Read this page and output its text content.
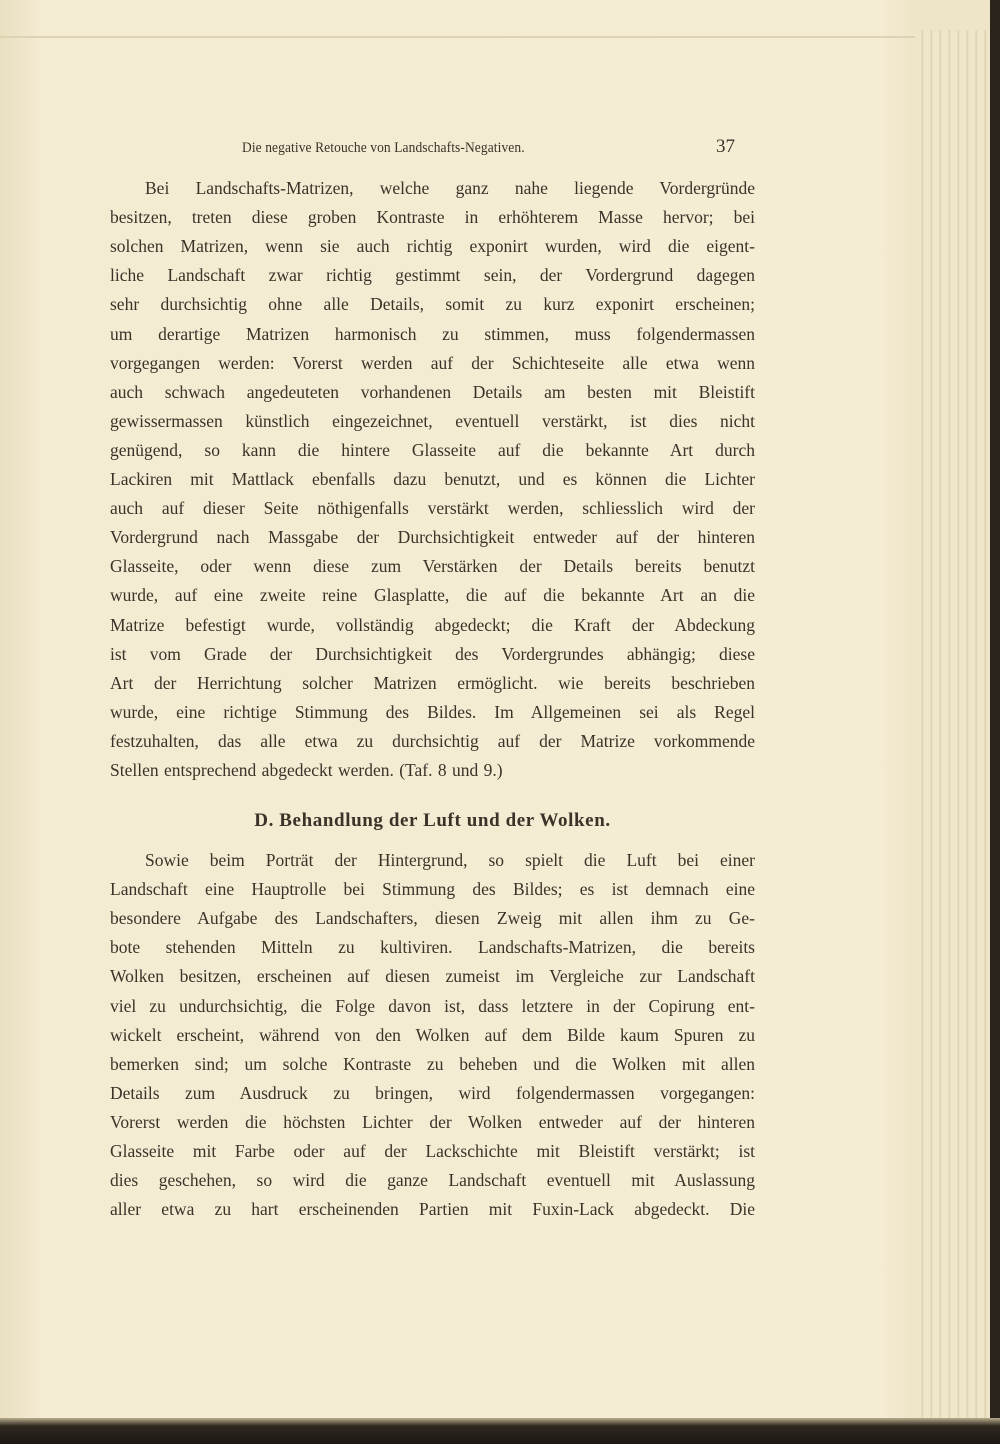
Die negative Retouche von Landschafts-Negativen.	37
Bei Landschafts-Matrizen, welche ganz nahe liegende Vordergründe
besitzen, treten diese groben Kontraste in erhöhterem Masse hervor; bei
solchen Matrizen, wenn sie auch richtig exponirt wurden, wird die eigent-
liche Landschaft zwar richtig gestimmt sein, der Vordergrund dagegen
sehr durchsichtig ohne alle Details, somit zu kurz exponirt erscheinen;
um derartige Matrizen harmonisch zu stimmen, muss folgendermassen
vorgegangen werden: Vorerst werden auf der Schichteseite alle etwa wenn
auch schwach angedeuteten vorhandenen Details am besten mit Bleistift
gewissermassen künstlich eingezeichnet, eventuell verstärkt, ist dies nicht
genügend, so kann die hintere Glasseite auf die bekannte Art durch
Lackiren mit Mattlack ebenfalls dazu benutzt, und es können die Lichter
auch auf dieser Seite nöthigenfalls verstärkt werden, schliesslich wird der
Vordergrund nach Massgabe der Durchsichtigkeit entweder auf der hinteren
Glasseite, oder wenn diese zum Verstärken der Details bereits benutzt
wurde, auf eine zweite reine Glasplatte, die auf die bekannte Art an die
Matrize befestigt wurde, vollständig abgedeckt; die Kraft der Abdeckung
ist vom Grade der Durchsichtigkeit des Vordergrundes abhängig; diese
Art der Herrichtung solcher Matrizen ermöglicht. wie bereits beschrieben
wurde, eine richtige Stimmung des Bildes. Im Allgemeinen sei als Regel
festzuhalten, das alle etwa zu durchsichtig auf der Matrize vorkommende
Stellen entsprechend abgedeckt werden. (Taf. 8 und 9.)
D. Behandlung der Luft und der Wolken.
Sowie beim Porträt der Hintergrund, so spielt die Luft bei einer
Landschaft eine Hauptrolle bei Stimmung des Bildes; es ist demnach eine
besondere Aufgabe des Landschafters, diesen Zweig mit allen ihm zu Ge-
bote stehenden Mitteln zu kultiviren. Landschafts-Matrizen, die bereits
Wolken besitzen, erscheinen auf diesen zumeist im Vergleiche zur Landschaft
viel zu undurchsichtig, die Folge davon ist, dass letztere in der Copirung ent-
wickelt erscheint, während von den Wolken auf dem Bilde kaum Spuren zu
bemerken sind; um solche Kontraste zu beheben und die Wolken mit allen
Details zum Ausdruck zu bringen, wird folgendermassen vorgegangen:
Vorerst werden die höchsten Lichter der Wolken entweder auf der hinteren
Glasseite mit Farbe oder auf der Lackschichte mit Bleistift verstärkt; ist
dies geschehen, so wird die ganze Landschaft eventuell mit Auslassung
aller etwa zu hart erscheinenden Partien mit Fuxin-Lack abgedeckt. Die
